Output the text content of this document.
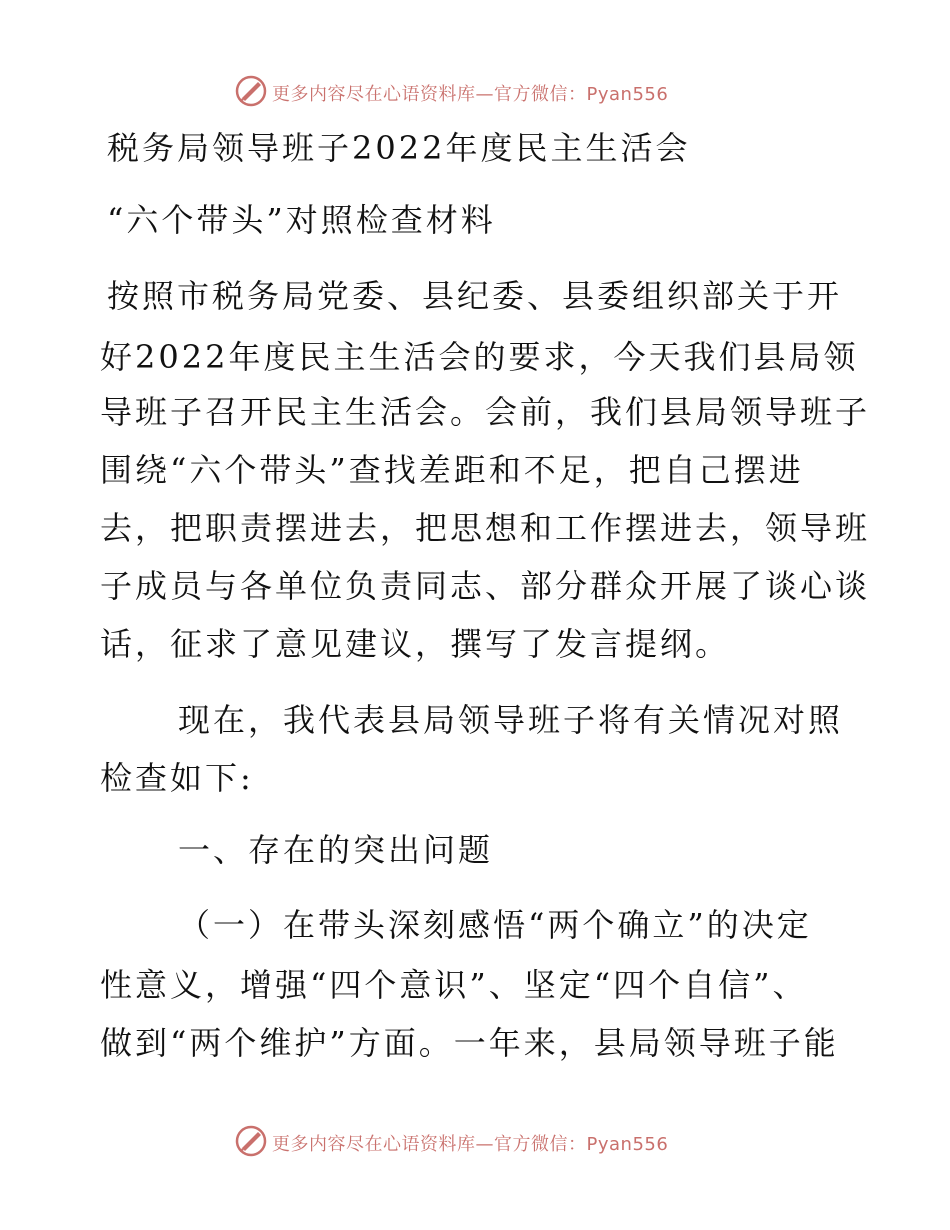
更多内容尽在心语资料库—官方微信：Pyan556
税务局领导班子2022年度民主生活会
“六个带头”对照检查材料
按照市税务局党委、县纪委、县委组织部关于开
好2022年度民主生活会的要求，今天我们县局领
导班子召开民主生活会。会前，我们县局领导班子
围绕“六个带头”查找差距和不足，把自己摆进
去，把职责摆进去，把思想和工作摆进去，领导班
子成员与各单位负责同志、部分群众开展了谈心谈
话，征求了意见建议，撰写了发言提纲。
现在，我代表县局领导班子将有关情况对照
检查如下:
一、存在的突出问题
（一）在带头深刻感悟“两个确立”的决定
性意义，增强“四个意识”、坚定“四个自信”、
做到“两个维护”方面。一年来，县局领导班子能
更多内容尽在心语资料库—官方微信：Pyan556
